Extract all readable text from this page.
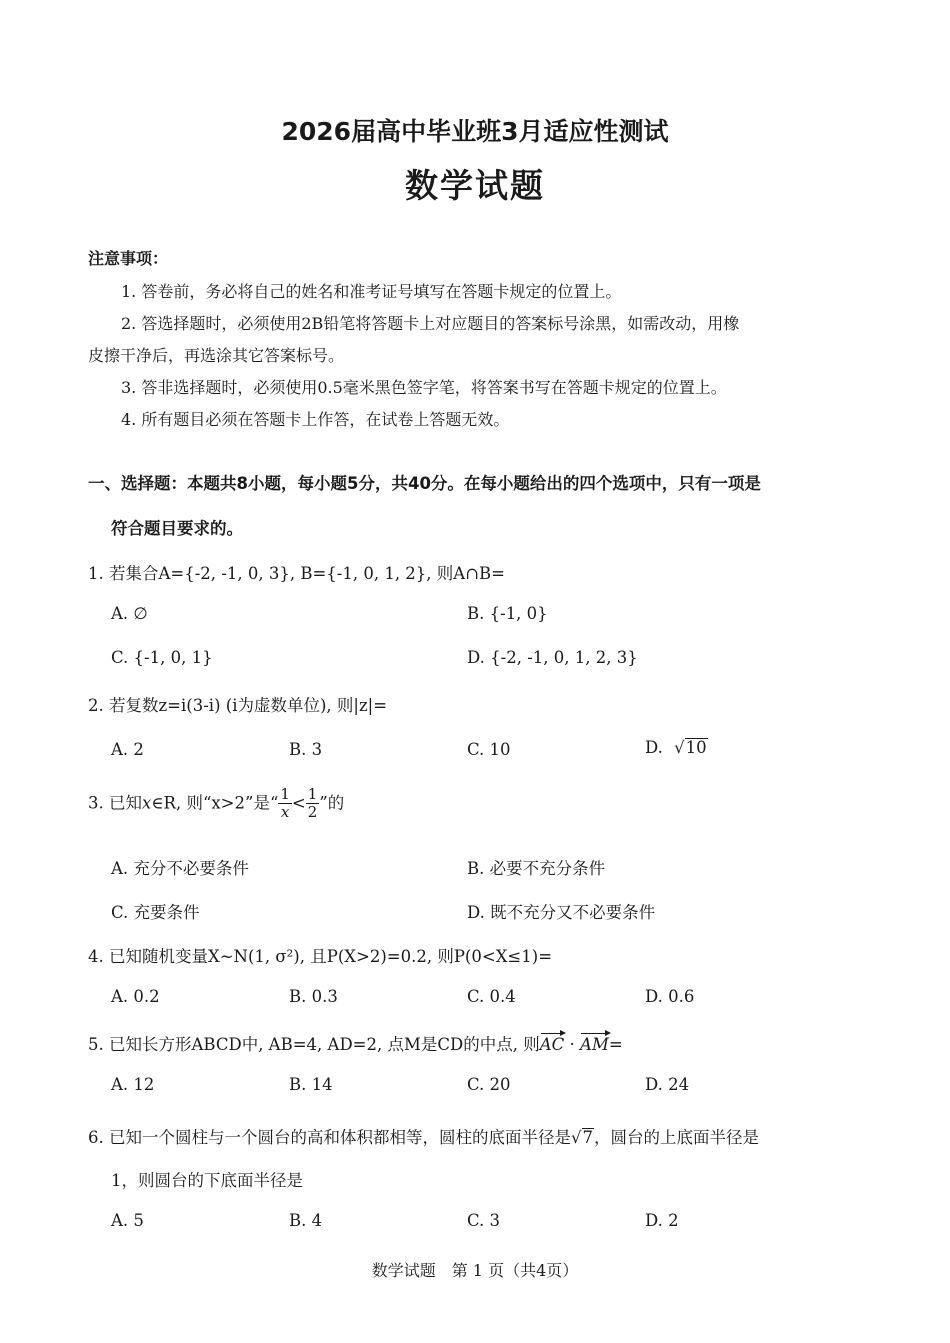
2026届高中毕业班3月适应性测试
数学试题
注意事项：
1. 答卷前，务必将自己的姓名和准考证号填写在答题卡规定的位置上。
2. 答选择题时，必须使用2B铅笔将答题卡上对应题目的答案标号涂黑，如需改动，用橡
皮擦干净后，再选涂其它答案标号。
3. 答非选择题时，必须使用0.5毫米黑色签字笔，将答案书写在答题卡规定的位置上。
4. 所有题目必须在答题卡上作答，在试卷上答题无效。
一、选择题：本题共8小题，每小题5分，共40分。在每小题给出的四个选项中，只有一项是
符合题目要求的。
1. 若集合A={-2, -1, 0, 3}, B={-1, 0, 1, 2}, 则A∩B=
A. ∅	B. {-1, 0}
C. {-1, 0, 1}	D. {-2, -1, 0, 1, 2, 3}
2. 若复数z=i(3-i) (i为虚数单位), 则|z|=
A. 2	B. 3	C. 10	D. √10
3. 已知x∈R, 则“x>2”是“ $\frac{1}{x} < \frac{1}{2}$ ”的
A. 充分不必要条件	B. 必要不充分条件
C. 充要条件	D. 既不充分又不必要条件
4. 已知随机变量X~N(1, σ²), 且P(X>2)=0.2, 则P(0<X≤1)=
A. 0.2	B. 0.3	C. 0.4	D. 0.6
5. 已知长方形ABCD中, AB=4, AD=2, 点M是CD的中点, 则AC · AM=
A. 12	B. 14	C. 20	D. 24
6. 已知一个圆柱与一个圆台的高和体积都相等，圆柱的底面半径是√7，圆台的上底面半径是
1，则圆台的下底面半径是
A. 5	B. 4	C. 3	D. 2
数学试题　第 1 页（共4页）
